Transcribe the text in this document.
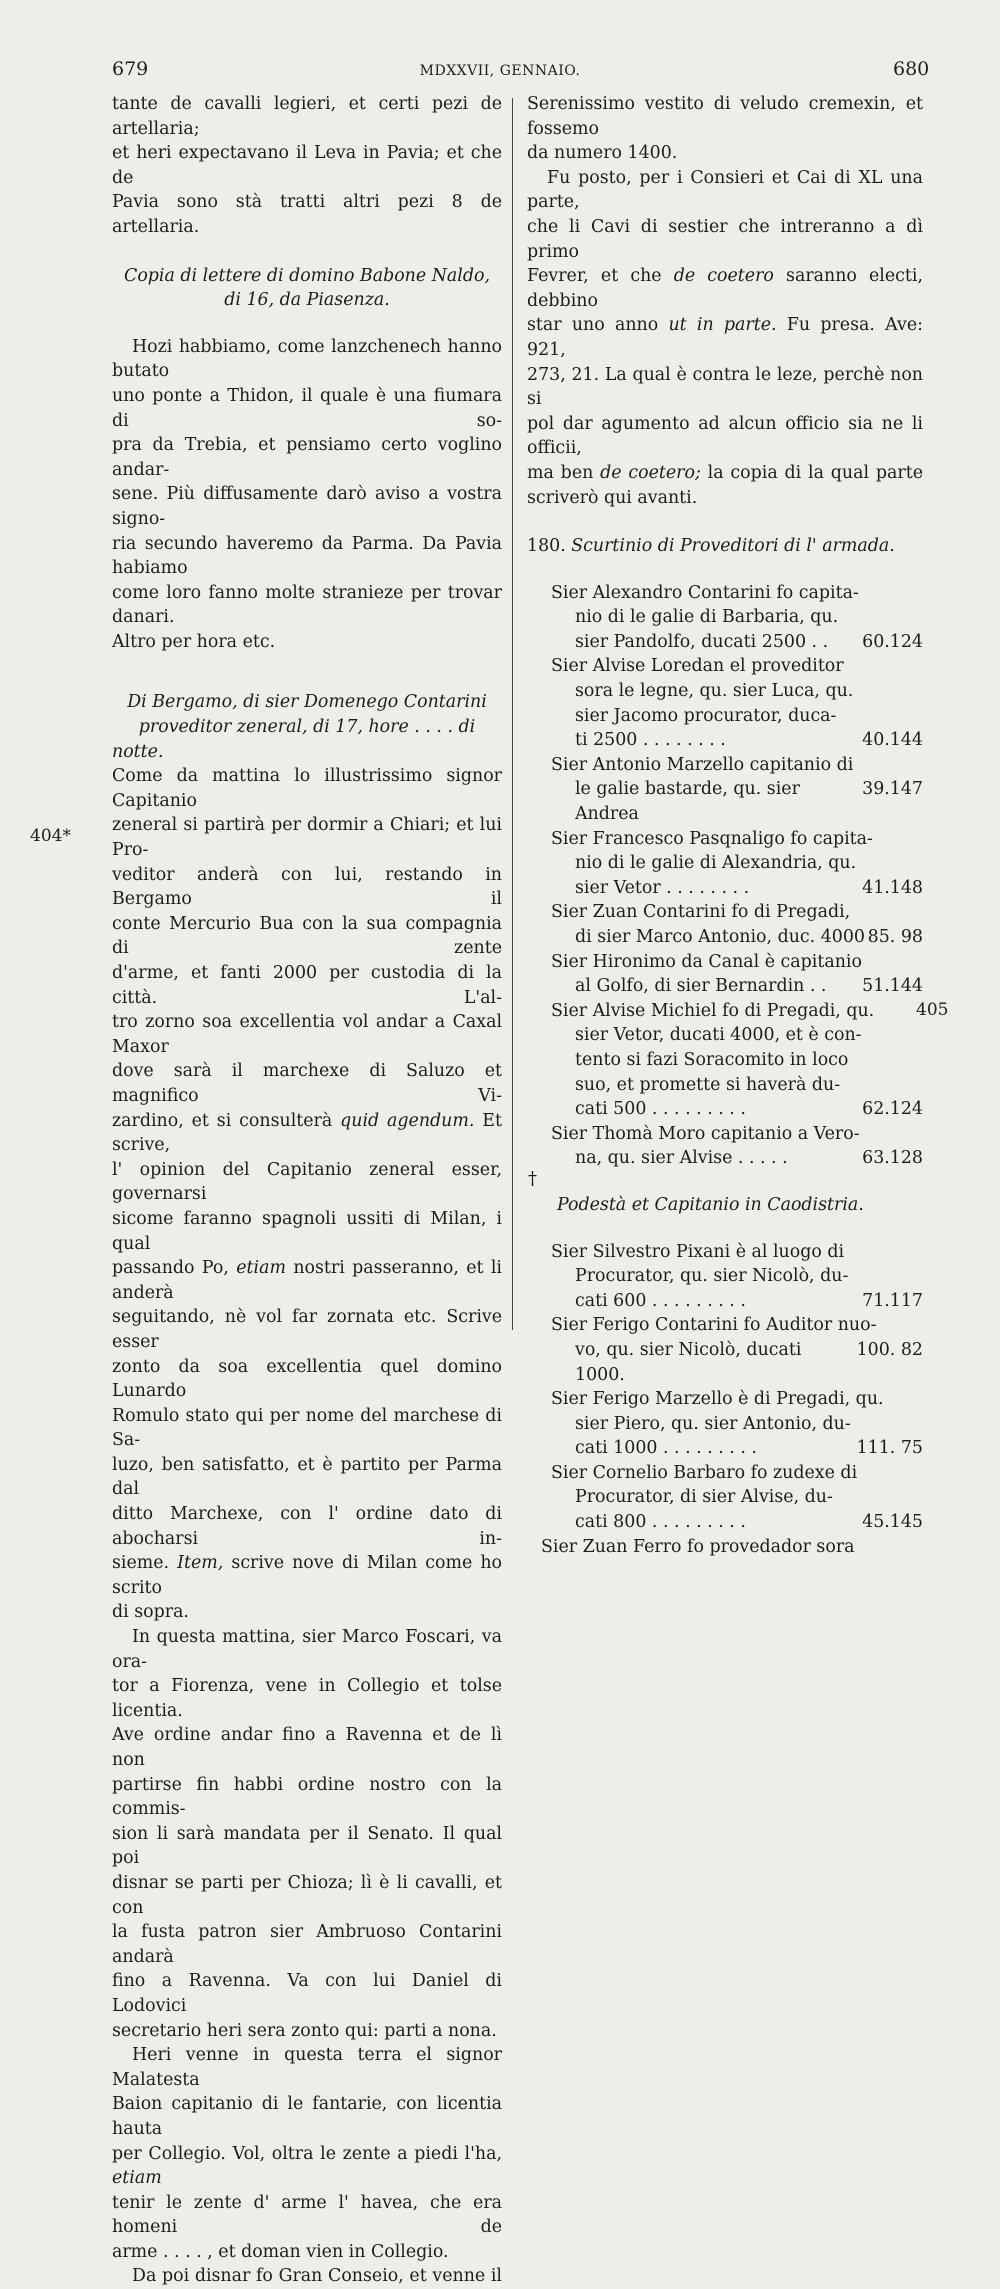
679	MDXXVII, GENNAIO.	680
404*
405
†

tante de cavalli legieri, et certi pezi de artellaria;

et heri expectavano il Leva in Pavia; et che de

Pavia sono stà tratti altri pezi 8 de artellaria.

Copia di lettere di domino Babone Naldo,

di 16, da Piasenza.

Hozi habbiamo, come lanzchenech hanno butato

uno ponte a Thidon, il quale è una fiumara di so-

pra da Trebia, et pensiamo certo voglino andar-

sene. Più diffusamente darò aviso a vostra signo-

ria secundo haveremo da Parma. Da Pavia habiamo

come loro fanno molte stranieze per trovar danari.

Altro per hora etc.

Di Bergamo, di sier Domenego Contarini

proveditor zeneral, di 17, hore . . . . di notte.

Come da mattina lo illustrissimo signor Capitanio

zeneral si partirà per dormir a Chiari; et lui Pro-

veditor anderà con lui, restando in Bergamo il

conte Mercurio Bua con la sua compagnia di zente

d'arme, et fanti 2000 per custodia di la città. L'al-

tro zorno soa excellentia vol andar a Caxal Maxor

dove sarà il marchexe di Saluzo et magnifico Vi-

zardino, et si consulterà quid agendum. Et scrive,

l' opinion del Capitanio zeneral esser, governarsi

sicome faranno spagnoli ussiti di Milan, i qual

passando Po, etiam nostri passeranno, et li anderà

seguitando, nè vol far zornata etc. Scrive esser

zonto da soa excellentia quel domino Lunardo

Romulo stato qui per nome del marchese di Sa-

luzo, ben satisfatto, et è partito per Parma dal

ditto Marchexe, con l' ordine dato di abocharsi in-

sieme. Item, scrive nove di Milan come ho scrito

di sopra.

In questa mattina, sier Marco Foscari, va ora-

tor a Fiorenza, vene in Collegio et tolse licentia.

Ave ordine andar fino a Ravenna et de lì non

partirse fin habbi ordine nostro con la commis-

sion li sarà mandata per il Senato. Il qual poi

disnar se parti per Chioza; lì è li cavalli, et con

la fusta patron sier Ambruoso Contarini andarà

fino a Ravenna. Va con lui Daniel di Lodovici

secretario heri sera zonto qui: parti a nona.

Heri venne in questa terra el signor Malatesta

Baion capitanio di le fantarie, con licentia hauta

per Collegio. Vol, oltra le zente a piedi l'ha, etiam

tenir le zente d' arme l' havea, che era homeni de

arme . . . . , et doman vien in Collegio.

Da poi disnar fo Gran Conseio, et venne il

Serenissimo vestito di veludo cremexin, et fossemo

da numero 1400.

Fu posto, per i Consieri et Cai di XL una parte,

che li Cavi di sestier che intreranno a dì primo

Fevrer, et che de coetero saranno electi, debbino

star uno anno ut in parte. Fu presa. Ave: 921,

273, 21. La qual è contra le leze, perchè non si

pol dar agumento ad alcun officio sia ne li officii,

ma ben de coetero; la copia di la qual parte

scriverò qui avanti.

180. Scurtinio di Proveditori di l' armada.

Sier Alexandro Contarini fo capita-

nio di le galie di Barbaria, qu.

sier Pandolfo, ducati 2500 . . 60.124

Sier Alvise Loredan el proveditor

sora le legne, qu. sier Luca, qu.

sier Jacomo procurator, duca-

ti 2500 . . . . . . . .	40.144

Sier Antonio Marzello capitanio di

le galie bastarde, qu. sier Andrea
39.147

Sier Francesco Pasqnaligo fo capita-

nio di le galie di Alexandria, qu.

sier Vetor . . . . . . . .	41.148

Sier Zuan Contarini fo di Pregadi,

di sier Marco Antonio, duc. 4000 85. 98

Sier Hironimo da Canal è capitanio

al Golfo, di sier Bernardin . . 51.144

Sier Alvise Michiel fo di Pregadi, qu.

sier Vetor, ducati 4000, et è con-

tento si fazi Soracomito in loco

suo, et promette si haverà du-

cati 500 . . . . . . . . .	62.124

Sier Thomà Moro capitanio a Vero-

na, qu. sier Alvise . . . . .	63.128

Podestà et Capitanio in Caodistria.

Sier Silvestro Pixani è al luogo di

Procurator, qu. sier Nicolò, du-

cati 600 . . . . . . . . .	71.117

Sier Ferigo Contarini fo Auditor nuo-

vo, qu. sier Nicolò, ducati 1000.
100. 82

Sier Ferigo Marzello è di Pregadi, qu.

sier Piero, qu. sier Antonio, du-

cati 1000 . . . . . . . . .	111. 75

Sier Cornelio Barbaro fo zudexe di

Procurator, di sier Alvise, du-

cati 800 . . . . . . . . .	45.145

Sier Zuan Ferro fo provedador sora
